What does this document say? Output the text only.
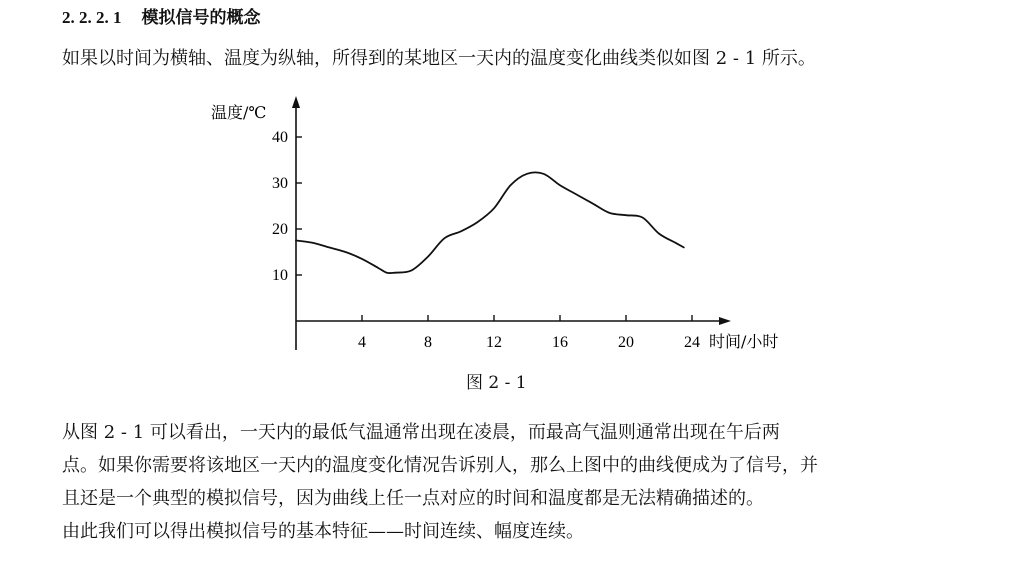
2. 2. 2. 1 模拟信号的概念
如果以时间为横轴、温度为纵轴，所得到的某地区一天内的温度变化曲线类似如图 2 - 1 所示。
4	8	12	16	20	24
10
20
30
40
温度/℃
时间/小时
图 2 - 1
从图 2 - 1 可以看出，一天内的最低气温通常出现在凌晨，而最高气温则通常出现在午后两
点。如果你需要将该地区一天内的温度变化情况告诉别人，那么上图中的曲线便成为了信号，并
且还是一个典型的模拟信号，因为曲线上任一点对应的时间和温度都是无法精确描述的。
由此我们可以得出模拟信号的基本特征——时间连续、幅度连续。
